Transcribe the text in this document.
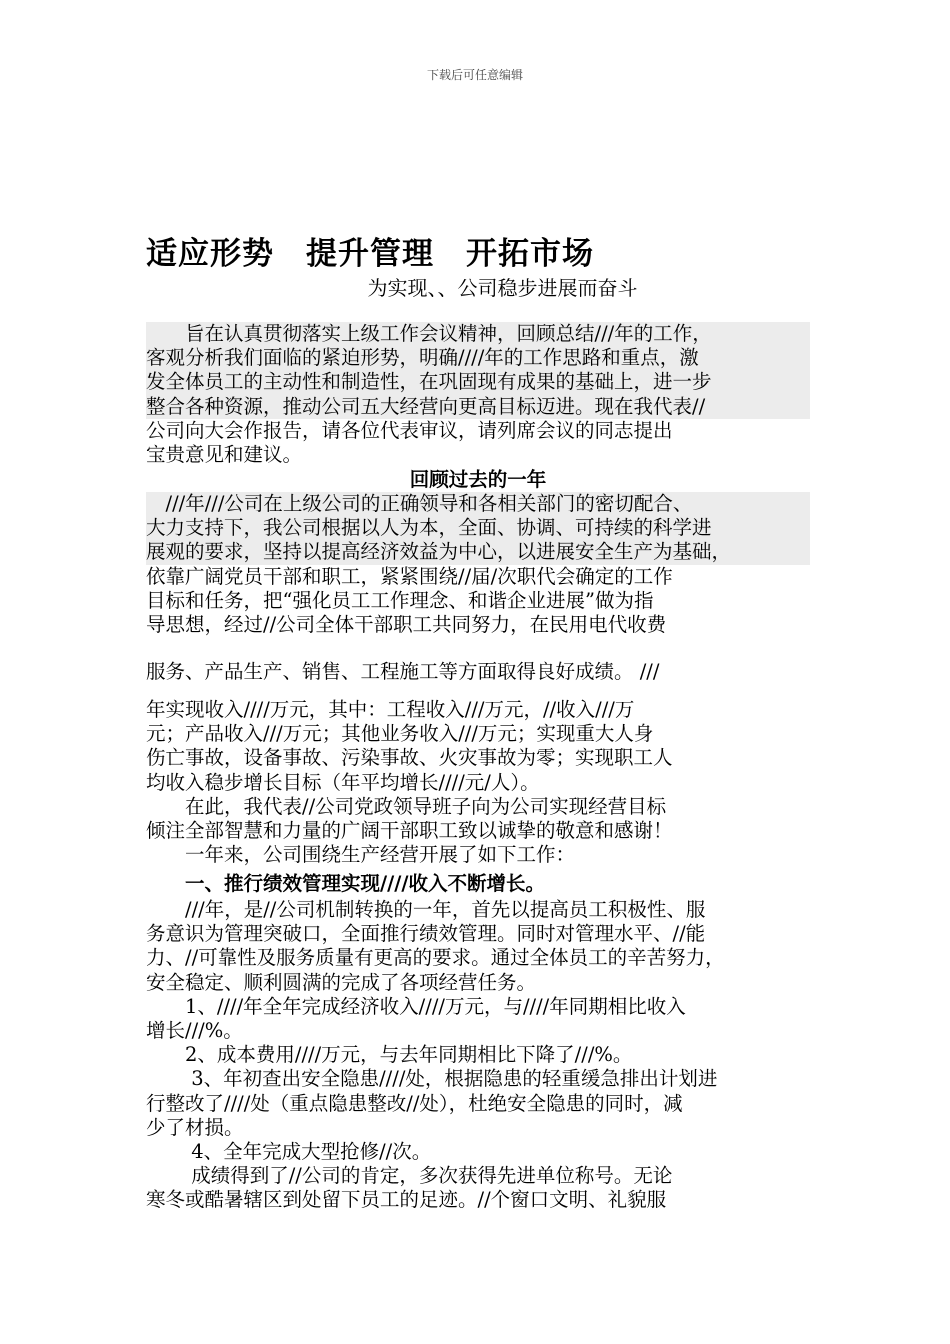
下载后可任意编辑
适应形势　提升管理　开拓市场
为实现、、公司稳步进展而奋斗
　　旨在认真贯彻落实上级工作会议精神，回顾总结///年的工作，
客观分析我们面临的紧迫形势，明确////年的工作思路和重点，激
发全体员工的主动性和制造性，在巩固现有成果的基础上，进一步
整合各种资源，推动公司五大经营向更高目标迈进。现在我代表//
公司向大会作报告，请各位代表审议，请列席会议的同志提出
宝贵意见和建议。
回顾过去的一年
　///年///公司在上级公司的正确领导和各相关部门的密切配合、
大力支持下，我公司根据以人为本，全面、协调、可持续的科学进
展观的要求，坚持以提高经济效益为中心，以进展安全生产为基础，
依靠广阔党员干部和职工，紧紧围绕//届/次职代会确定的工作
目标和任务，把“强化员工工作理念、和谐企业进展”做为指
导思想，经过//公司全体干部职工共同努力，在民用电代收费
服务、产品生产、销售、工程施工等方面取得良好成绩。 ///
年实现收入////万元，其中：工程收入///万元，//收入///万
元；产品收入///万元；其他业务收入///万元；实现重大人身
伤亡事故，设备事故、污染事故、火灾事故为零；实现职工人
均收入稳步增长目标（年平均增长////元/人）。
　　在此，我代表//公司党政领导班子向为公司实现经营目标
倾注全部智慧和力量的广阔干部职工致以诚挚的敬意和感谢！
　　一年来，公司围绕生产经营开展了如下工作：
　　一、推行绩效管理实现////收入不断增长。
　　///年，是//公司机制转换的一年，首先以提高员工积极性、服
务意识为管理突破口，全面推行绩效管理。同时对管理水平、//能
力、//可靠性及服务质量有更高的要求。通过全体员工的辛苦努力，
安全稳定、顺利圆满的完成了各项经营任务。
　　1、////年全年完成经济收入////万元，与////年同期相比收入
增长///%。
　　2、成本费用////万元，与去年同期相比下降了///%。
　　 3、年初查出安全隐患////处，根据隐患的轻重缓急排出计划进
行整改了////处（重点隐患整改//处），杜绝安全隐患的同时，减
少了材损。
　　 4、全年完成大型抢修//次。
　　 成绩得到了//公司的肯定，多次获得先进单位称号。无论
寒冬或酷暑辖区到处留下员工的足迹。//个窗口文明、礼貌服
